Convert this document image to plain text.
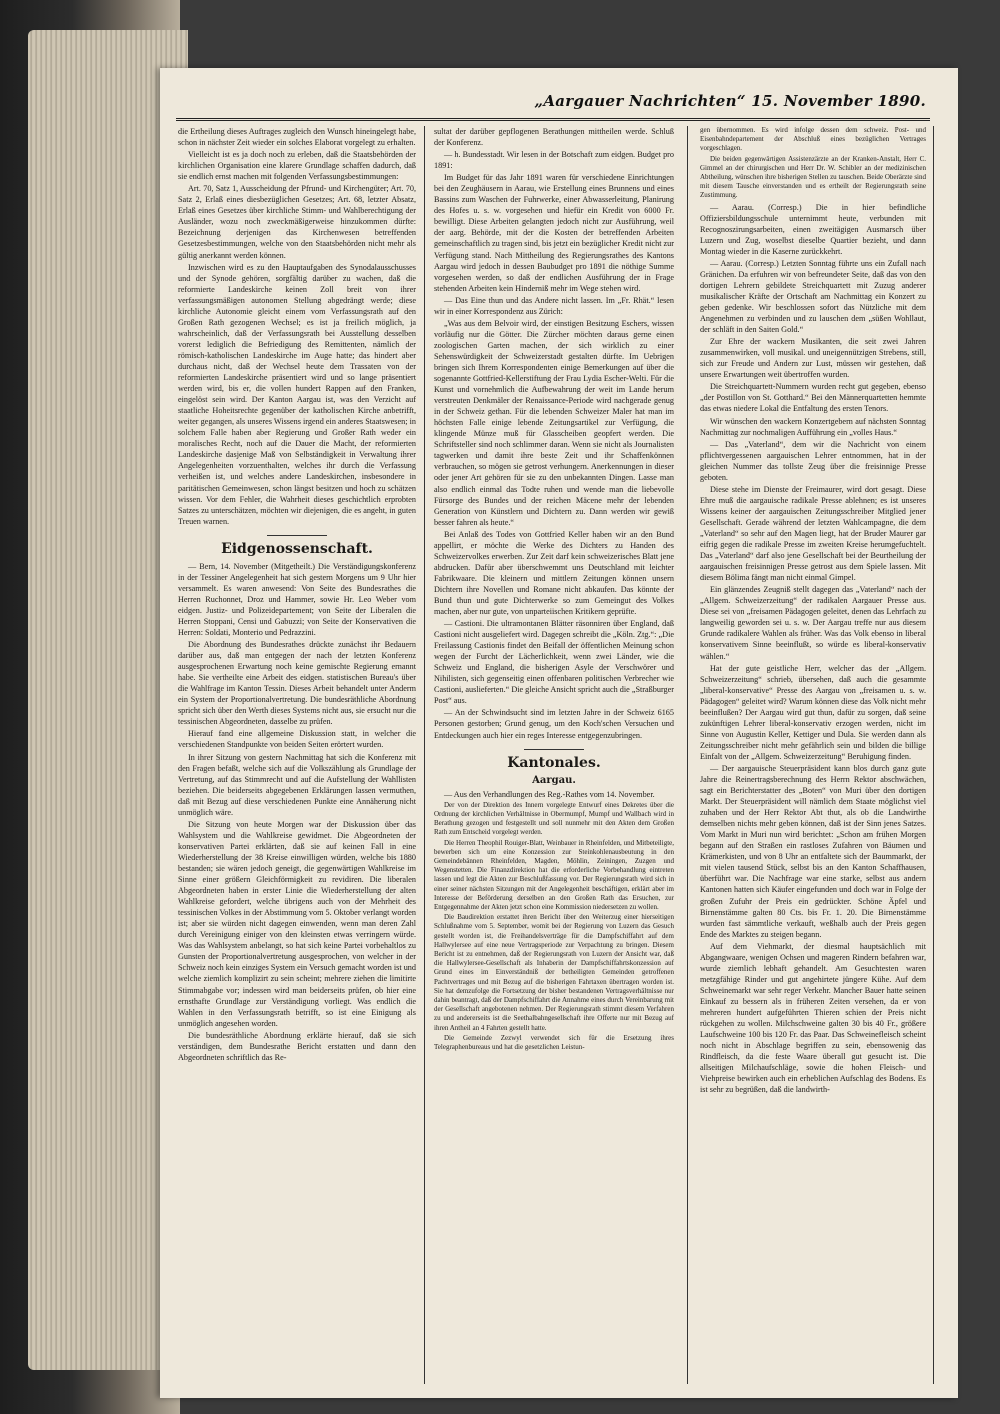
„Aargauer Nachrichten“ 15. November 1890.

die Ertheilung dieses Auftrages zugleich den Wunsch hineingelegt habe, schon in nächster Zeit wieder ein solches Elaborat vorgelegt zu erhalten.

Vielleicht ist es ja doch noch zu erleben, daß die Staatsbehörden der kirchlichen Organisation eine klarere Grundlage schaffen dadurch, daß sie endlich ernst machen mit folgenden Verfassungsbestimmungen:

Art. 70, Satz 1, Ausscheidung der Pfrund- und Kirchengüter; Art. 70, Satz 2, Erlaß eines diesbezüglichen Gesetzes; Art. 68, letzter Absatz, Erlaß eines Gesetzes über kirchliche Stimm- und Wahlberechtigung der Ausländer, wozu noch zweckmäßigerweise hinzukommen dürfte: Bezeichnung derjenigen das Kirchenwesen betreffenden Gesetzesbestimmungen, welche von den Staatsbehörden nicht mehr als gültig anerkannt werden können.

Inzwischen wird es zu den Hauptaufgaben des Synodalausschusses und der Synode gehören, sorgfältig darüber zu wachen, daß die reformierte Landeskirche keinen Zoll breit von ihrer verfassungsmäßigen autonomen Stellung abgedrängt werde; diese kirchliche Autonomie gleicht einem vom Verfassungsrath auf den Großen Rath gezogenen Wechsel; es ist ja freilich möglich, ja wahrscheinlich, daß der Verfassungsrath bei Ausstellung desselben vorerst lediglich die Befriedigung des Remittenten, nämlich der römisch-katholischen Landeskirche im Auge hatte; das hindert aber durchaus nicht, daß der Wechsel heute dem Trassaten von der reformierten Landeskirche präsentiert wird und so lange präsentiert werden wird, bis er, die vollen hundert Rappen auf den Franken, eingelöst sein wird. Der Kanton Aargau ist, was den Verzicht auf staatliche Hoheitsrechte gegenüber der katholischen Kirche anbetrifft, weiter gegangen, als unseres Wissens irgend ein anderes Staatswesen; in solchem Falle haben aber Regierung und Großer Rath weder ein moralisches Recht, noch auf die Dauer die Macht, der reformierten Landeskirche dasjenige Maß von Selbständigkeit in Verwaltung ihrer Angelegenheiten vorzuenthalten, welches ihr durch die Verfassung verheißen ist, und welches andere Landeskirchen, insbesondere in paritätischen Gemeinwesen, schon längst besitzen und hoch zu schätzen wissen. Vor dem Fehler, die Wahrheit dieses geschichtlich erprobten Satzes zu unterschätzen, möchten wir diejenigen, die es angeht, in guten Treuen warnen.

Eidgenossenschaft.

— Bern, 14. November (Mitgetheilt.) Die Verständigungskonferenz in der Tessiner Angelegenheit hat sich gestern Morgens um 9 Uhr hier versammelt. Es waren anwesend: Von Seite des Bundesrathes die Herren Ruchonnet, Droz und Hammer, sowie Hr. Leo Weber vom eidgen. Justiz- und Polizeidepartement; von Seite der Liberalen die Herren Stoppani, Censi und Gabuzzi; von Seite der Konservativen die Herren: Soldati, Monterio und Pedrazzini.

Die Abordnung des Bundesrathes drückte zunächst ihr Bedauern darüber aus, daß man entgegen der nach der letzten Konferenz ausgesprochenen Erwartung noch keine gemischte Regierung ernannt habe. Sie vertheilte eine Arbeit des eidgen. statistischen Bureau's über die Wahlfrage im Kanton Tessin. Dieses Arbeit behandelt unter Anderm ein System der Proportionalvertretung. Die bundesräthliche Abordnung spricht sich über den Werth dieses Systems nicht aus, sie ersucht nur die tessinischen Abgeordneten, dasselbe zu prüfen.

Hierauf fand eine allgemeine Diskussion statt, in welcher die verschiedenen Standpunkte von beiden Seiten erörtert wurden.

In ihrer Sitzung von gestern Nachmittag hat sich die Konferenz mit den Fragen befaßt, welche sich auf die Volkszählung als Grundlage der Vertretung, auf das Stimmrecht und auf die Aufstellung der Wahllisten beziehen. Die beiderseits abgegebenen Erklärungen lassen vermuthen, daß mit Bezug auf diese verschiedenen Punkte eine Annäherung nicht unmöglich wäre.

Die Sitzung von heute Morgen war der Diskussion über das Wahlsystem und die Wahlkreise gewidmet. Die Abgeordneten der konservativen Partei erklärten, daß sie auf keinen Fall in eine Wiederherstellung der 38 Kreise einwilligen würden, welche bis 1880 bestanden; sie wären jedoch geneigt, die gegenwärtigen Wahlkreise im Sinne einer größern Gleichförmigkeit zu revidiren. Die liberalen Abgeordneten haben in erster Linie die Wiederherstellung der alten Wahlkreise gefordert, welche übrigens auch von der Mehrheit des tessinischen Volkes in der Abstimmung vom 5. Oktober verlangt worden ist; aber sie würden nicht dagegen einwenden, wenn man deren Zahl durch Vereinigung einiger von den kleinsten etwas verringern würde. Was das Wahlsystem anbelangt, so hat sich keine Partei vorbehaltlos zu Gunsten der Proportionalvertretung ausgesprochen, von welcher in der Schweiz noch kein einziges System ein Versuch gemacht worden ist und welche ziemlich komplizirt zu sein scheint; mehrere ziehen die limitirte Stimmabgabe vor; indessen wird man beiderseits prüfen, ob hier eine ernsthafte Grundlage zur Verständigung vorliegt. Was endlich die Wahlen in den Verfassungsrath betrifft, so ist eine Einigung als unmöglich angesehen worden.

Die bundesräthliche Abordnung erklärte hierauf, daß sie sich verständigen, dem Bundesrathe Bericht erstatten und dann den Abgeordneten schriftlich das Re-

sultat der darüber gepflogenen Berathungen mittheilen werde. Schluß der Konferenz.

— h. Bundesstadt. Wir lesen in der Botschaft zum eidgen. Budget pro 1891:

Im Budget für das Jahr 1891 waren für verschiedene Einrichtungen bei den Zeughäusern in Aarau, wie Erstellung eines Brunnens und eines Bassins zum Waschen der Fuhrwerke, einer Abwasserleitung, Planirung des Hofes u. s. w. vorgesehen und hiefür ein Kredit von 6000 Fr. bewilligt. Diese Arbeiten gelangten jedoch nicht zur Ausführung, weil der aarg. Behörde, mit der die Kosten der betreffenden Arbeiten gemeinschaftlich zu tragen sind, bis jetzt ein bezüglicher Kredit nicht zur Verfügung stand. Nach Mittheilung des Regierungsrathes des Kantons Aargau wird jedoch in dessen Baubudget pro 1891 die nöthige Summe vorgesehen werden, so daß der endlichen Ausführung der in Frage stehenden Arbeiten kein Hinderniß mehr im Wege stehen wird.

— Das Eine thun und das Andere nicht lassen. Im „Fr. Rhät.“ lesen wir in einer Korrespondenz aus Zürich:

„Was aus dem Belvoir wird, der einstigen Besitzung Eschers, wissen vorläufig nur die Götter. Die Zürcher möchten daraus gerne einen zoologischen Garten machen, der sich wirklich zu einer Sehenswürdigkeit der Schweizerstadt gestalten dürfte. Im Uebrigen bringen sich Ihrem Korrespondenten einige Bemerkungen auf über die sogenannte Gottfried-Kellerstiftung der Frau Lydia Escher-Welti. Für die Kunst und vornehmlich die Aufbewahrung der weit im Lande herum verstreuten Denkmäler der Renaissance-Periode wird nachgerade genug in der Schweiz gethan. Für die lebenden Schweizer Maler hat man im höchsten Falle einige lebende Zeitungsartikel zur Verfügung, die klingende Münze muß für Glasscheiben geopfert werden. Die Schriftsteller sind noch schlimmer daran. Wenn sie nicht als Journalisten tagwerken und damit ihre beste Zeit und ihr Schaffenkönnen verbrauchen, so mögen sie getrost verhungern. Anerkennungen in dieser oder jener Art gehören für sie zu den unbekannten Dingen. Lasse man also endlich einmal das Todte ruhen und wende man die liebevolle Fürsorge des Bundes und der reichen Mäcene mehr der lebenden Generation von Künstlern und Dichtern zu. Dann werden wir gewiß besser fahren als heute.“

Bei Anlaß des Todes von Gottfried Keller haben wir an den Bund appellirt, er möchte die Werke des Dichters zu Handen des Schweizervolkes erwerben. Zur Zeit darf kein schweizerisches Blatt jene abdrucken. Dafür aber überschwemmt uns Deutschland mit leichter Fabrikwaare. Die kleinern und mittlern Zeitungen können unsern Dichtern ihre Novellen und Romane nicht abkaufen. Das könnte der Bund thun und gute Dichterwerke so zum Gemeingut des Volkes machen, aber nur gute, von unparteiischen Kritikern geprüfte.

— Castioni. Die ultramontanen Blätter räsonniren über England, daß Castioni nicht ausgeliefert wird. Dagegen schreibt die „Köln. Ztg.“: „Die Freilassung Castionis findet den Beifall der öffentlichen Meinung schon wegen der Furcht der Lächerlichkeit, wenn zwei Länder, wie die Schweiz und England, die bisherigen Asyle der Verschwörer und Nihilisten, sich gegenseitig einen offenbaren politischen Verbrecher wie Castioni, auslieferten.“ Die gleiche Ansicht spricht auch die „Straßburger Post“ aus.

— An der Schwindsucht sind im letzten Jahre in der Schweiz 6165 Personen gestorben; Grund genug, um den Koch'schen Versuchen und Entdeckungen auch hier ein reges Interesse entgegenzubringen.

Kantonales.
Aargau.

— Aus den Verhandlungen des Reg.-Rathes vom 14. November.

Der von der Direktion des Innern vorgelegte Entwurf eines Dekretes über die Ordnung der kirchlichen Verhältnisse in Obermumpf, Mumpf und Wallbach wird in Berathung gezogen und festgestellt und soll nunmehr mit den Akten dem Großen Rath zum Entscheid vorgelegt werden.

Die Herren Theophil Rouiger-Blatt, Weinbauer in Rheinfelden, und Mitbeteiligte, bewerben sich um eine Konzession zur Steinkohlenausbeutung in den Gemeindebännen Rheinfelden, Magden, Möhlin, Zeiningen, Zuzgen und Wegenstetten. Die Finanzdirektion hat die erforderliche Vorbehandlung eintreten lassen und legt die Akten zur Beschlußfassung vor. Der Regierungsrath wird sich in einer seiner nächsten Sitzungen mit der Angelegenheit beschäftigen, erklärt aber im Interesse der Beförderung derselben an den Großen Rath das Ersuchen, zur Entgegennahme der Akten jetzt schon eine Kommission niedersetzen zu wollen.

Die Baudirektion erstattet ihren Bericht über den Weiterzug einer hierseitigen Schlußnahme vom 5. September, womit bei der Regierung von Luzern das Gesuch gestellt worden ist, die Freihandelsverträge für die Dampfschiffahrt auf dem Hallwylersee auf eine neue Vertragsperiode zur Verpachtung zu bringen. Diesem Bericht ist zu entnehmen, daß der Regierungsrath von Luzern der Ansicht war, daß die Hallwylersee-Gesellschaft als Inhaberin der Dampfschiffahrtskonzession auf Grund eines im Einverständniß der betheiligten Gemeinden getroffenen Pachtvertrages und mit Bezug auf die bisherigen Fahrtaxen übertragen worden ist. Sie hat demzufolge die Fortsetzung der bisher bestandenen Vertragsverhältnisse nur dahin beantragt, daß der Dampfschiffahrt die Annahme eines durch Vereinbarung mit der Gesellschaft angebotenen nehmen. Der Regierungsrath stimmt diesem Verfahren zu und andererseits ist die Seethalbahngesellschaft ihre Offerte nur mit Bezug auf ihren Antheil an 4 Fahrten gestellt hatte.

Die Gemeinde Zezwyl verwendet sich für die Ersetzung ihres Telegraphenbureaus und hat die gesetzlichen Leistun-

gen übernommen. Es wird infolge dessen dem schweiz. Post- und Eisenbahndepartement der Abschluß eines bezüglichen Vertrages vorgeschlagen.

Die beiden gegenwärtigen Assistenzärzte an der Kranken-Anstalt, Herr C. Gimmel an der chirurgischen und Herr Dr. W. Schibler an der medizinischen Abtheilung, wünschen ihre bisherigen Stellen zu tauschen. Beide Oberärzte sind mit diesem Tausche einverstanden und es ertheilt der Regierungsrath seine Zustimmung.

— Aarau. (Corresp.) Die in hier befindliche Offiziersbildungsschule unternimmt heute, verbunden mit Recognoszirungsarbeiten, einen zweitägigen Ausmarsch über Luzern und Zug, woselbst dieselbe Quartier bezieht, und dann Montag wieder in die Kaserne zurückkehrt.

— Aarau. (Corresp.) Letzten Sonntag führte uns ein Zufall nach Gränichen. Da erfuhren wir von befreundeter Seite, daß das von den dortigen Lehrern gebildete Streichquartett mit Zuzug anderer musikalischer Kräfte der Ortschaft am Nachmittag ein Konzert zu geben gedenke. Wir beschlossen sofort das Nützliche mit dem Angenehmen zu verbinden und zu lauschen dem „süßen Wohllaut, der schläft in den Saiten Gold.“

Zur Ehre der wackern Musikanten, die seit zwei Jahren zusammenwirken, voll musikal. und uneigennützigen Strebens, still, sich zur Freude und Andern zur Lust, müssen wir gestehen, daß unsere Erwartungen weit übertroffen wurden.

Die Streichquartett-Nummern wurden recht gut gegeben, ebenso „der Postillon von St. Gotthard.“ Bei den Männerquartetten hemmte das etwas niedere Lokal die Entfaltung des ersten Tenors.

Wir wünschen den wackern Konzertgebern auf nächsten Sonntag Nachmittag zur nochmaligen Aufführung ein „volles Haus.“

— Das „Vaterland“, dem wir die Nachricht von einem pflichtvergessenen aargauischen Lehrer entnommen, hat in der gleichen Nummer das tollste Zeug über die freisinnige Presse geboten.

Diese stehe im Dienste der Freimaurer, wird dort gesagt. Diese Ehre muß die aargauische radikale Presse ablehnen; es ist unseres Wissens keiner der aargauischen Zeitungsschreiber Mitglied jener Gesellschaft. Gerade während der letzten Wahlcampagne, die dem „Vaterland“ so sehr auf den Magen liegt, hat der Bruder Maurer gar eifrig gegen die radikale Presse im zweiten Kreise herumgefuchtelt. Das „Vaterland“ darf also jene Gesellschaft bei der Beurtheilung der aargauischen freisinnigen Presse getrost aus dem Spiele lassen. Mit diesem Bölima fängt man nicht einmal Gimpel.

Ein glänzendes Zeugniß stellt dagegen das „Vaterland“ nach der „Allgem. Schweizerzeitung“ der radikalen Aargauer Presse aus. Diese sei von „freisamen Pädagogen geleitet, denen das Lehrfach zu langweilig geworden sei u. s. w. Der Aargau treffe nur aus diesem Grunde radikalere Wahlen als früher. Was das Volk ebenso in liberal konservativem Sinne beeinflußt, so würde es liberal-konservativ wählen.“

Hat der gute geistliche Herr, welcher das der „Allgem. Schweizerzeitung“ schrieb, übersehen, daß auch die gesammte „liberal-konservative“ Presse des Aargau von „freisamen u. s. w. Pädagogen“ geleitet wird? Warum können diese das Volk nicht mehr beeinflußen? Der Aargau wird gut thun, dafür zu sorgen, daß seine zukünftigen Lehrer liberal-konservativ erzogen werden, nicht im Sinne von Augustin Keller, Kettiger und Dula. Sie werden dann als Zeitungsschreiber nicht mehr gefährlich sein und bilden die billige Einfalt von der „Allgem. Schweizerzeitung“ Beruhigung finden.

— Der aargauische Steuerpräsident kann blos durch ganz gute Jahre die Reinertragsberechnung des Herrn Rektor abschwächen, sagt ein Berichterstatter des „Boten“ von Muri über den dortigen Markt. Der Steuerpräsident will nämlich dem Staate möglichst viel zuhaben und der Herr Rektor Abt thut, als ob die Landwirthe demselben nichts mehr geben können, daß ist der Sinn jenes Satzes. Vom Markt in Muri nun wird berichtet: „Schon am frühen Morgen begann auf den Straßen ein rastloses Zufahren von Bäumen und Krämerkisten, und von 8 Uhr an entfaltete sich der Baummarkt, der mit vielen tausend Stück, selbst bis an den Kanton Schaffhausen, überführt war. Die Nachfrage war eine starke, selbst aus andern Kantonen hatten sich Käufer eingefunden und doch war in Folge der großen Zufuhr der Preis ein gedrückter. Schöne Äpfel und Birnenstämme galten 80 Cts. bis Fr. 1. 20. Die Birnenstämme wurden fast sämmtliche verkauft, weßhalb auch der Preis gegen Ende des Marktes zu steigen begann.

Auf dem Viehmarkt, der diesmal hauptsächlich mit Abgangwaare, wenigen Ochsen und mageren Rindern befahren war, wurde ziemlich lebhaft gehandelt. Am Gesuchtesten waren metzgfähige Rinder und gut angehirtete jüngere Kühe. Auf dem Schweinemarkt war sehr reger Verkehr. Mancher Bauer hatte seinen Einkauf zu bessern als in früheren Zeiten versehen, da er von mehreren hundert aufgeführten Thieren schien der Preis nicht rückgehen zu wollen. Milchschweine galten 30 bis 40 Fr., größere Laufschweine 100 bis 120 Fr. das Paar. Das Schweinefleisch scheint noch nicht in Abschlage begriffen zu sein, ebensowenig das Rindfleisch, da die feste Waare überall gut gesucht ist. Die allseitigen Milchaufschläge, sowie die hohen Fleisch- und Viehpreise bewirken auch ein erheblichen Aufschlag des Bodens. Es ist sehr zu begrüßen, daß die landwirth-
